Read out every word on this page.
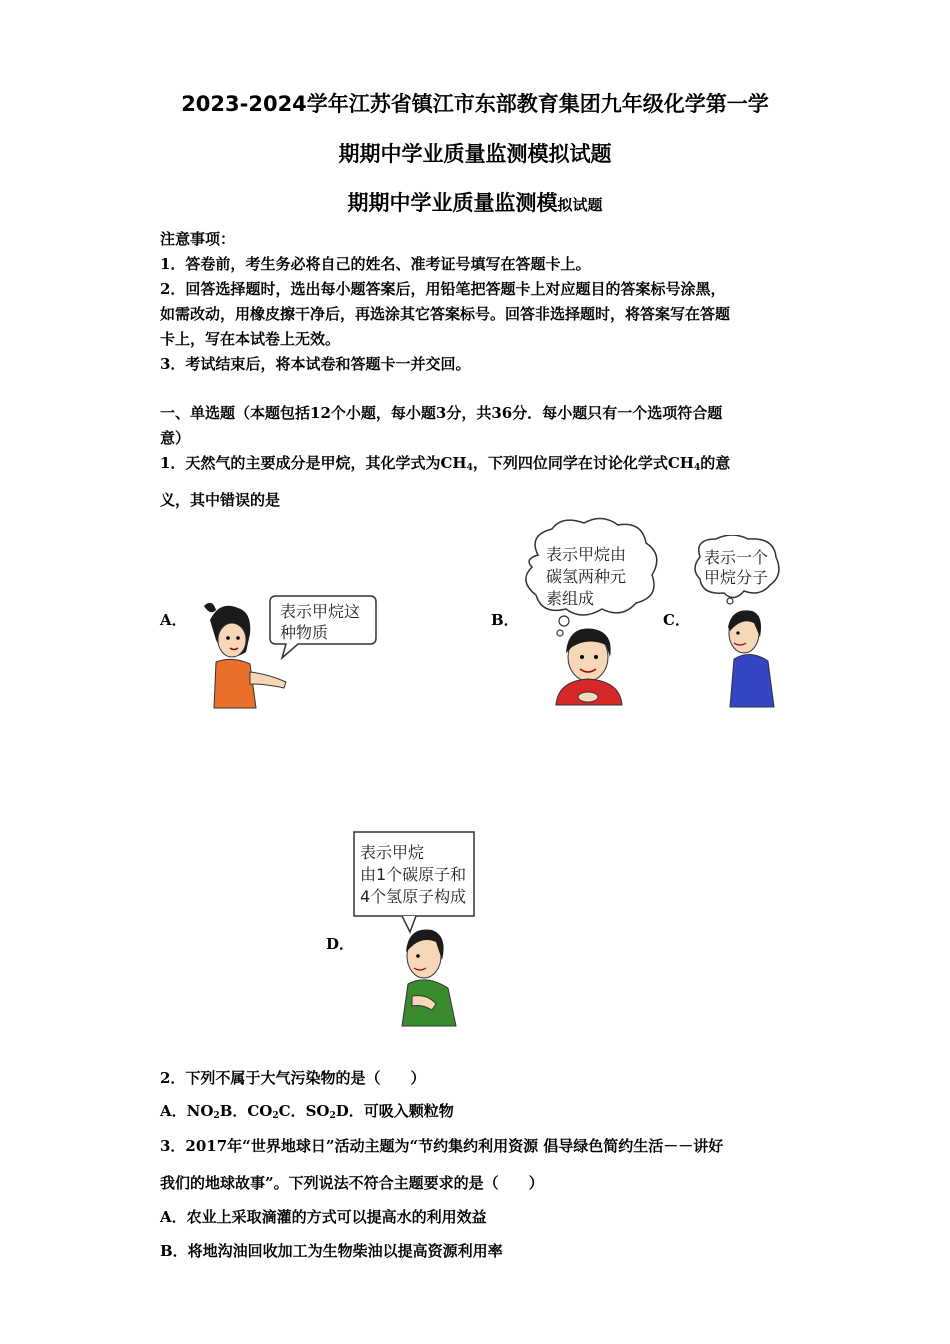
2023-2024学年江苏省镇江市东部教育集团九年级化学第一学
期期中学业质量监测模拟试题
期期中学业质量监测模拟试题
注意事项：
1．答卷前，考生务必将自己的姓名、准考证号填写在答题卡上。
2．回答选择题时，选出每小题答案后，用铅笔把答题卡上对应题目的答案标号涂黑，
如需改动，用橡皮擦干净后，再选涂其它答案标号。回答非选择题时，将答案写在答题
卡上，写在本试卷上无效。
3．考试结束后，将本试卷和答题卡一并交回。
一、单选题（本题包括12个小题，每小题3分，共36分．每小题只有一个选项符合题
意）
1．天然气的主要成分是甲烷，其化学式为$CH_4$，下列四位同学在讨论化学式$CH_4$的意
义，其中错误的是
A．	B．	C．
D．
表示甲烷这
种物质
表示甲烷由
碳氢两种元
素组成
表示一个
甲烷分子
表示甲烷
由1个碳原子和
4个氢原子构成
2．下列不属于大气污染物的是（　　）
A．$NO_2B$．$CO_2C$．$SO_2D$．可吸入颗粒物
3．2017年“世界地球日”活动主题为“节约集约利用资源 倡导绿色简约生活－－讲好
我们的地球故事”。下列说法不符合主题要求的是（　　）
A．农业上采取滴灌的方式可以提高水的利用效益
B．将地沟油回收加工为生物柴油以提高资源利用率
